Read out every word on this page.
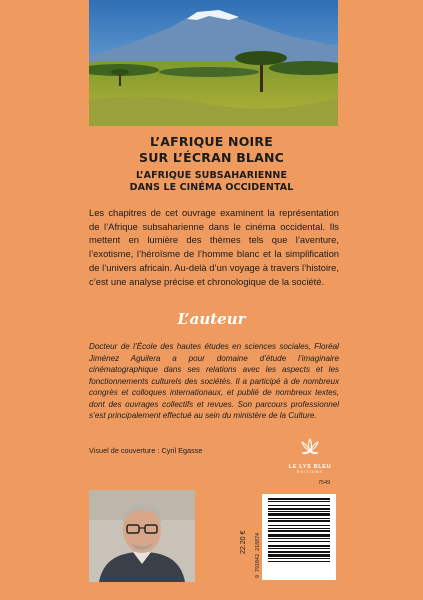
L’AFRIQUE NOIRE
SUR L’ÉCRAN BLANC
L’AFRIQUE SUBSAHARIENNE
DANS LE CINÉMA OCCIDENTAL

Les chapitres de cet ouvrage examinent la représentation de l’Afrique subsaharienne dans le cinéma occidental. Ils mettent en lumière des thèmes tels que l’aventure, l’exotisme, l’héroïsme de l’homme blanc et la simplification de l’univers africain. Au-delà d’un voyage à travers l’histoire, c’est une analyse précise et chronologique de la société.

L’auteur

Docteur de l’École des hautes études en sciences sociales, Floréal Jiménez Aguilera a pour domaine d’étude l’imaginaire cinématographique dans ses relations avec les aspects et les fonctionnements culturels des sociétés. Il a participé à de nombreux congrès et colloques internationaux, et publié de nombreux textes, dont des ouvrages collectifs et revues. Son parcours professionnel s’est principalement effectué au sein du ministère de la Culture.

Visuel de couverture : Cyril Egasse
LE LYS BLEU
ÉDITIONS
7549
22.20 €	9 791042 218874
